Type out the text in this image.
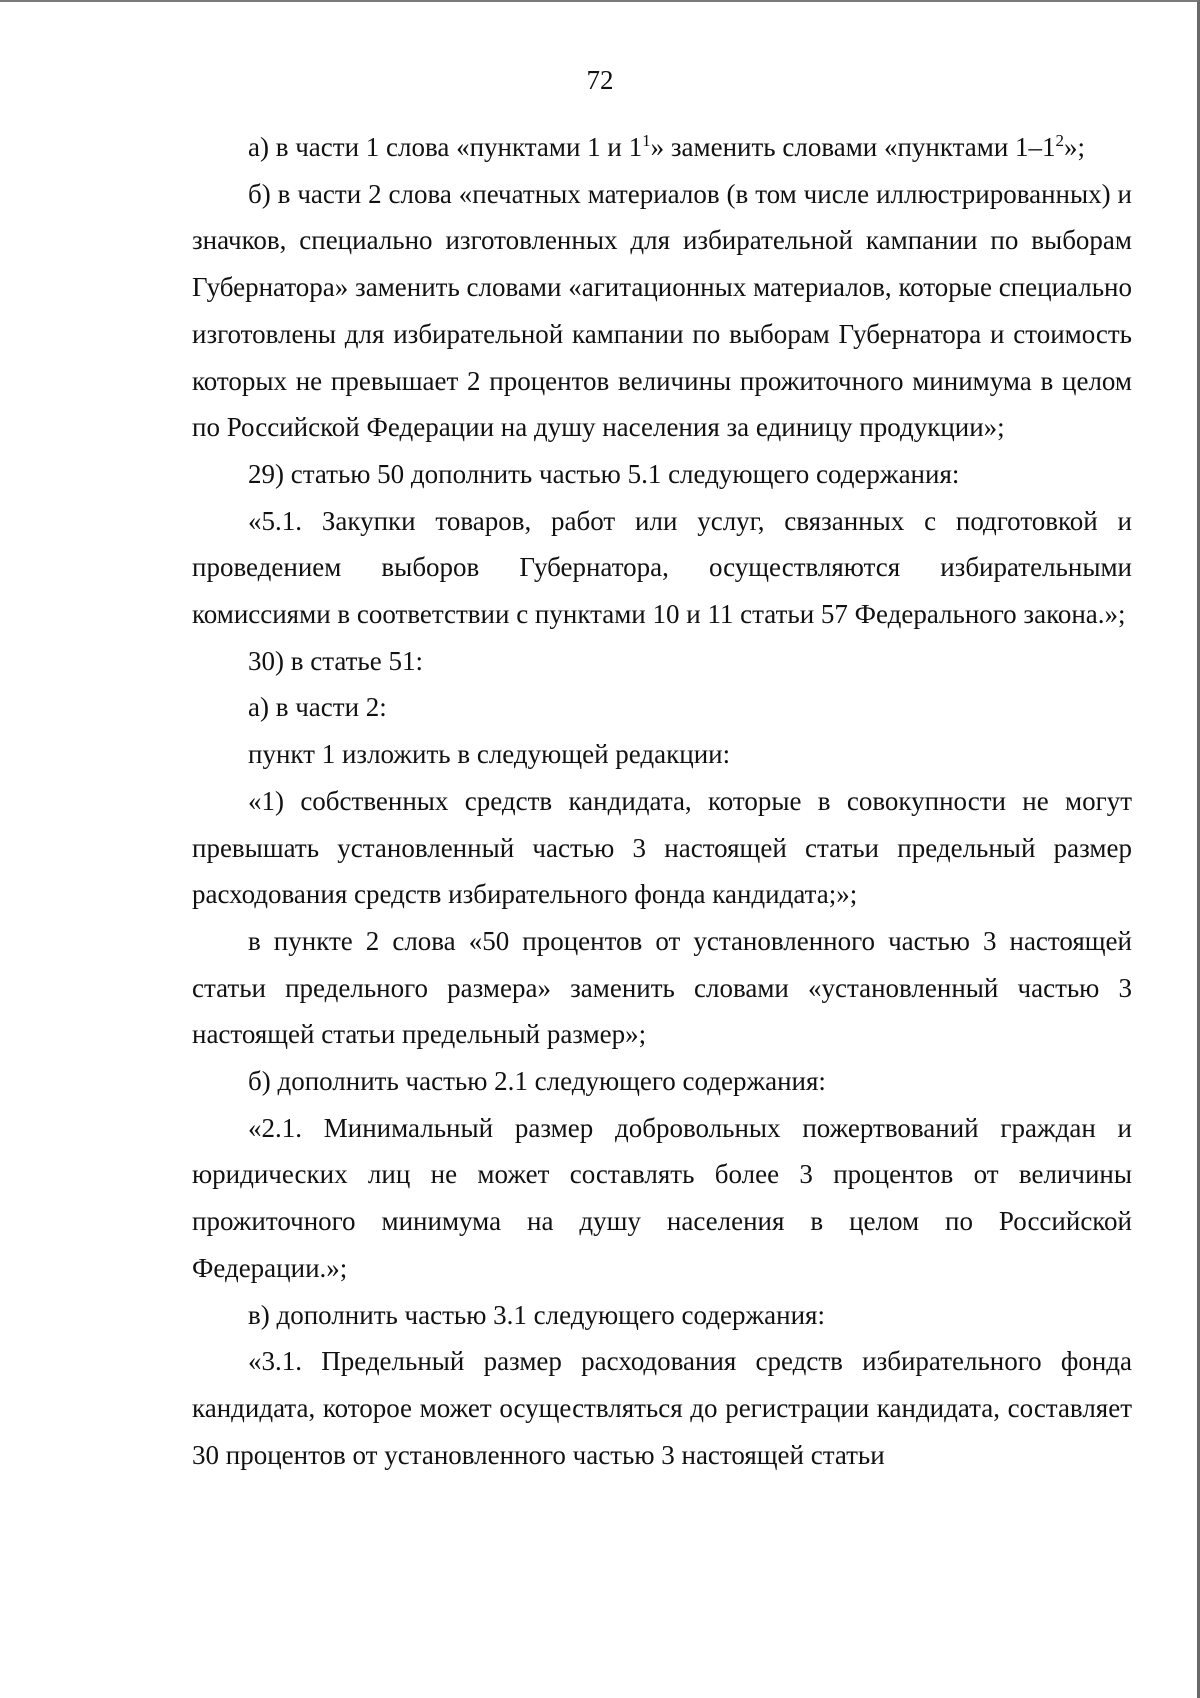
72

а) в части 1 слова «пунктами 1 и $1^1$» заменить словами «пунктами $1-1^2$»;

б) в части 2 слова «печатных материалов (в том числе иллюстрированных) и значков, специально изготовленных для избирательной кампании по выборам Губернатора» заменить словами «агитационных материалов, которые специально изготовлены для избирательной кампании по выборам Губернатора и стоимость которых не превышает 2 процентов величины прожиточного минимума в целом по Российской Федерации на душу населения за единицу продукции»;

29) статью 50 дополнить частью 5.1 следующего содержания:

«5.1. Закупки товаров, работ или услуг, связанных с подготовкой и проведением выборов Губернатора, осуществляются избирательными комиссиями в соответствии с пунктами 10 и 11 статьи 57 Федерального закона.»;

30) в статье 51:

а) в части 2:

пункт 1 изложить в следующей редакции:

«1) собственных средств кандидата, которые в совокупности не могут превышать установленный частью 3 настоящей статьи предельный размер расходования средств избирательного фонда кандидата;»;

в пункте 2 слова «50 процентов от установленного частью 3 настоящей статьи предельного размера» заменить словами «установленный частью 3 настоящей статьи предельный размер»;

б) дополнить частью 2.1 следующего содержания:

«2.1. Минимальный размер добровольных пожертвований граждан и юридических лиц не может составлять более 3 процентов от величины прожиточного минимума на душу населения в целом по Российской Федерации.»;

в) дополнить частью 3.1 следующего содержания:

«3.1. Предельный размер расходования средств избирательного фонда кандидата, которое может осуществляться до регистрации кандидата, составляет 30 процентов от установленного частью 3 настоящей статьи
